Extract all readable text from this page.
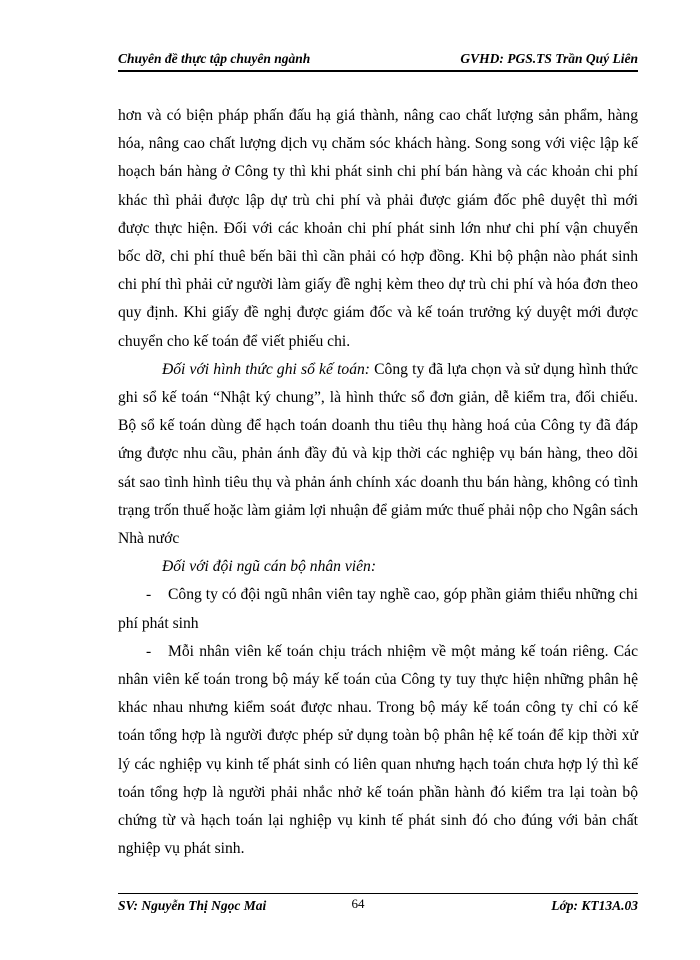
Chuyên đề thực tập chuyên ngành	GVHD: PGS.TS Trần Quý Liên

hơn và có biện pháp phấn đấu hạ giá thành, nâng cao chất lượng sản phẩm, hàng hóa, nâng cao chất lượng dịch vụ chăm sóc khách hàng. Song song với việc lập kế hoạch bán hàng ở Công ty thì khi phát sinh chi phí bán hàng và các khoản chi phí khác thì phải được lập dự trù chi phí và phải được giám đốc phê duyệt thì mới được thực hiện. Đối với các khoản chi phí phát sinh lớn như chi phí vận chuyển bốc dỡ, chi phí thuê bến bãi thì cần phải có hợp đồng. Khi bộ phận nào phát sinh chi phí thì phải cử người làm giấy đề nghị kèm theo dự trù chi phí và hóa đơn theo quy định. Khi giấy đề nghị được giám đốc và kế toán trưởng ký duyệt mới được chuyển cho kế toán để viết phiếu chi.

Đối với hình thức ghi sổ kế toán: Công ty đã lựa chọn và sử dụng hình thức ghi sổ kế toán “Nhật ký chung”, là hình thức sổ đơn giản, dễ kiểm tra, đối chiếu. Bộ sổ kế toán dùng để hạch toán doanh thu tiêu thụ hàng hoá của Công ty đã đáp ứng được nhu cầu, phản ánh đầy đủ và kịp thời các nghiệp vụ bán hàng, theo dõi sát sao tình hình tiêu thụ và phản ánh chính xác doanh thu bán hàng, không có tình trạng trốn thuế hoặc làm giảm lợi nhuận để giảm mức thuế phải nộp cho Ngân sách Nhà nước

Đối với đội ngũ cán bộ nhân viên:

- Công ty có đội ngũ nhân viên tay nghề cao, góp phần giảm thiểu những chi phí phát sinh

- Mỗi nhân viên kế toán chịu trách nhiệm về một mảng kế toán riêng. Các nhân viên kế toán trong bộ máy kế toán của Công ty tuy thực hiện những phân hệ khác nhau nhưng kiểm soát được nhau. Trong bộ máy kế toán công ty chỉ có kế toán tổng hợp là người được phép sử dụng toàn bộ phân hệ kế toán để kịp thời xử lý các nghiệp vụ kinh tế phát sinh có liên quan nhưng hạch toán chưa hợp lý thì kế toán tổng hợp là người phải nhắc nhở kế toán phần hành đó kiểm tra lại toàn bộ chứng từ và hạch toán lại nghiệp vụ kinh tế phát sinh đó cho đúng với bản chất nghiệp vụ phát sinh.

SV: Nguyễn Thị Ngọc Mai	64	Lớp: KT13A.03
